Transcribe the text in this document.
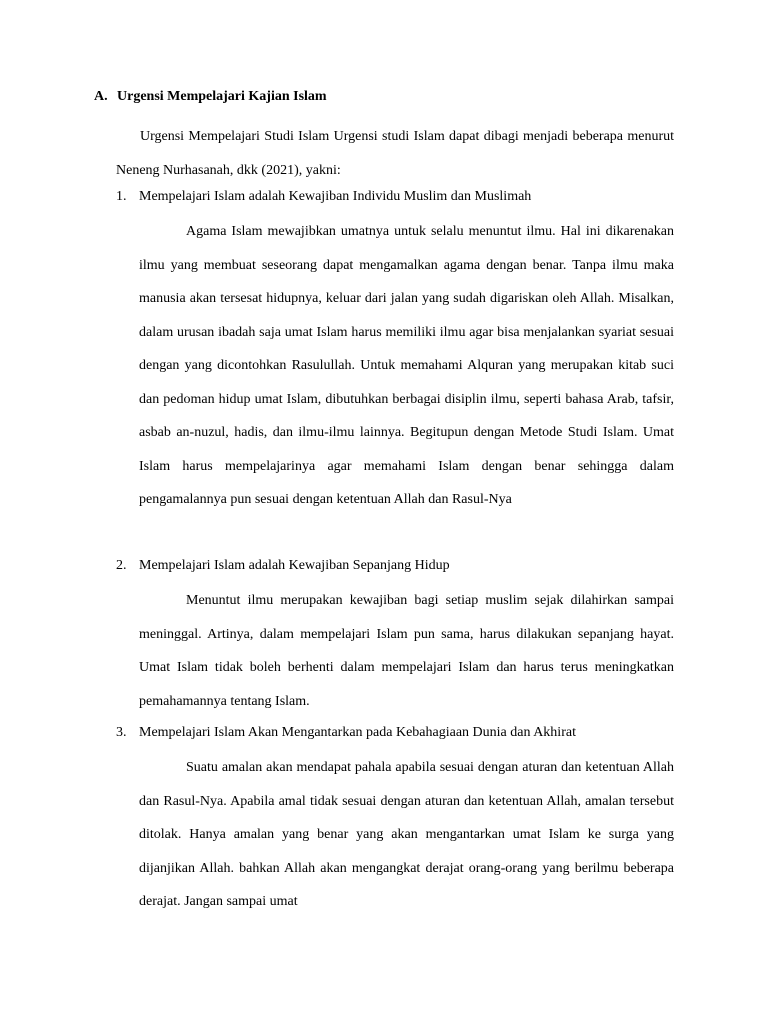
A. Urgensi Mempelajari Kajian Islam

Urgensi Mempelajari Studi Islam Urgensi studi Islam dapat dibagi menjadi beberapa menurut Neneng Nurhasanah, dkk (2021), yakni:

1. Mempelajari Islam adalah Kewajiban Individu Muslim dan Muslimah

Agama Islam mewajibkan umatnya untuk selalu menuntut ilmu. Hal ini dikarenakan ilmu yang membuat seseorang dapat mengamalkan agama dengan benar. Tanpa ilmu maka manusia akan tersesat hidupnya, keluar dari jalan yang sudah digariskan oleh Allah. Misalkan, dalam urusan ibadah saja umat Islam harus memiliki ilmu agar bisa menjalankan syariat sesuai dengan yang dicontohkan Rasulullah. Untuk memahami Alquran yang merupakan kitab suci dan pedoman hidup umat Islam, dibutuhkan berbagai disiplin ilmu, seperti bahasa Arab, tafsir, asbab an-nuzul, hadis, dan ilmu-ilmu lainnya. Begitupun dengan Metode Studi Islam. Umat Islam harus mempelajarinya agar memahami Islam dengan benar sehingga dalam pengamalannya pun sesuai dengan ketentuan Allah dan Rasul-Nya

2. Mempelajari Islam adalah Kewajiban Sepanjang Hidup

Menuntut ilmu merupakan kewajiban bagi setiap muslim sejak dilahirkan sampai meninggal. Artinya, dalam mempelajari Islam pun sama, harus dilakukan sepanjang hayat. Umat Islam tidak boleh berhenti dalam mempelajari Islam dan harus terus meningkatkan pemahamannya tentang Islam.

3. Mempelajari Islam Akan Mengantarkan pada Kebahagiaan Dunia dan Akhirat

Suatu amalan akan mendapat pahala apabila sesuai dengan aturan dan ketentuan Allah dan Rasul-Nya. Apabila amal tidak sesuai dengan aturan dan ketentuan Allah, amalan tersebut ditolak. Hanya amalan yang benar yang akan mengantarkan umat Islam ke surga yang dijanjikan Allah. bahkan Allah akan mengangkat derajat orang-orang yang berilmu beberapa derajat. Jangan sampai umat
